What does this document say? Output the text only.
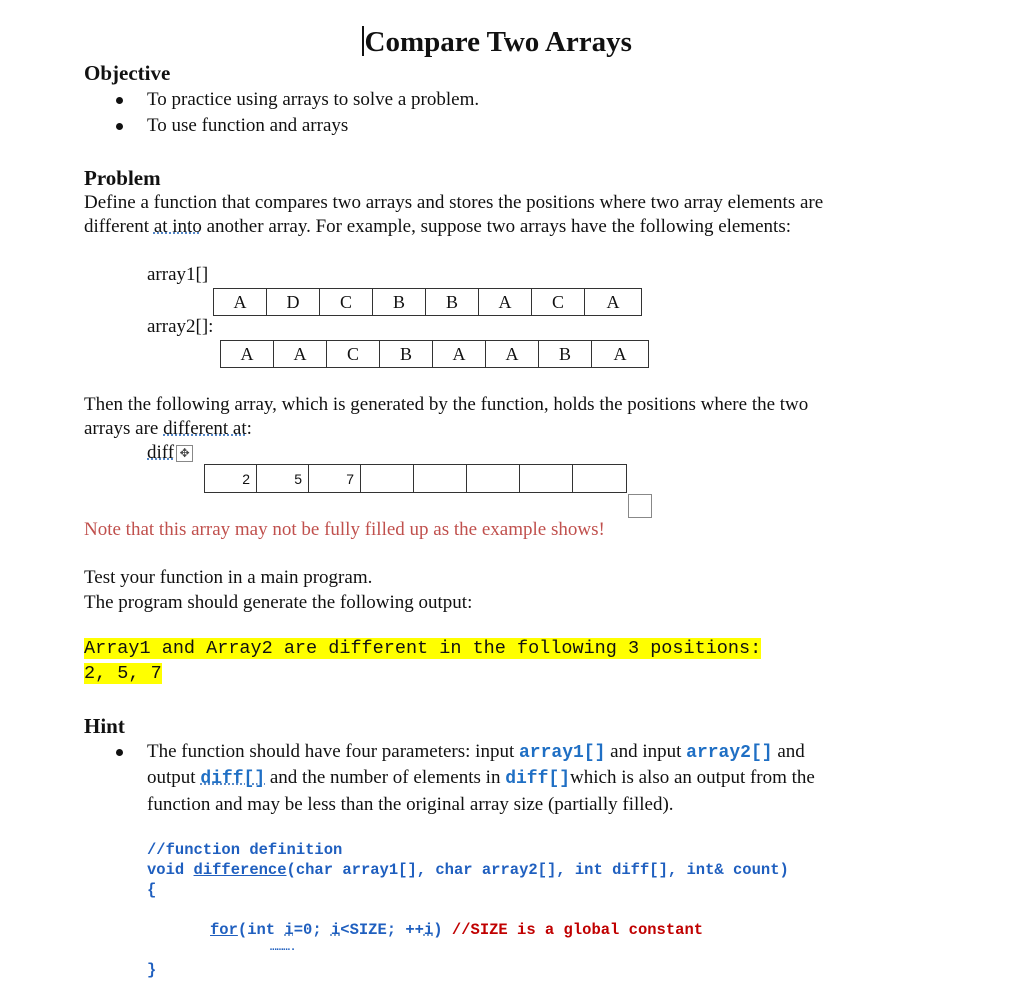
Compare Two Arrays
Objective
To practice using arrays to solve a problem.
To use function and arrays
Problem
Define a function that compares two arrays and stores the positions where two array elements are
different at into another array. For example, suppose two arrays have the following elements:
array1[]
A	D	C	B	B	A	C	A
array2[]:
A	A	C	B	A	A	B	A
Then the following array, which is generated by the function, holds the positions where the two
arrays are different at:
diff ✥
2	5	7
Note that this array may not be fully filled up as the example shows!
Test your function in a main program.
The program should generate the following output:
Array1 and Array2 are different in the following 3 positions:
2, 5, 7
Hint
The function should have four parameters: input array1[] and input array2[] and
output diff[] and the number of elements in diff[]which is also an output from the
function and may be less than the original array size (partially filled).
//function definition
void difference(char array1[], char array2[], int diff[], int& count)
{
for(int i=0; i<SIZE; ++i) //SIZE is a global constant
……….
}
